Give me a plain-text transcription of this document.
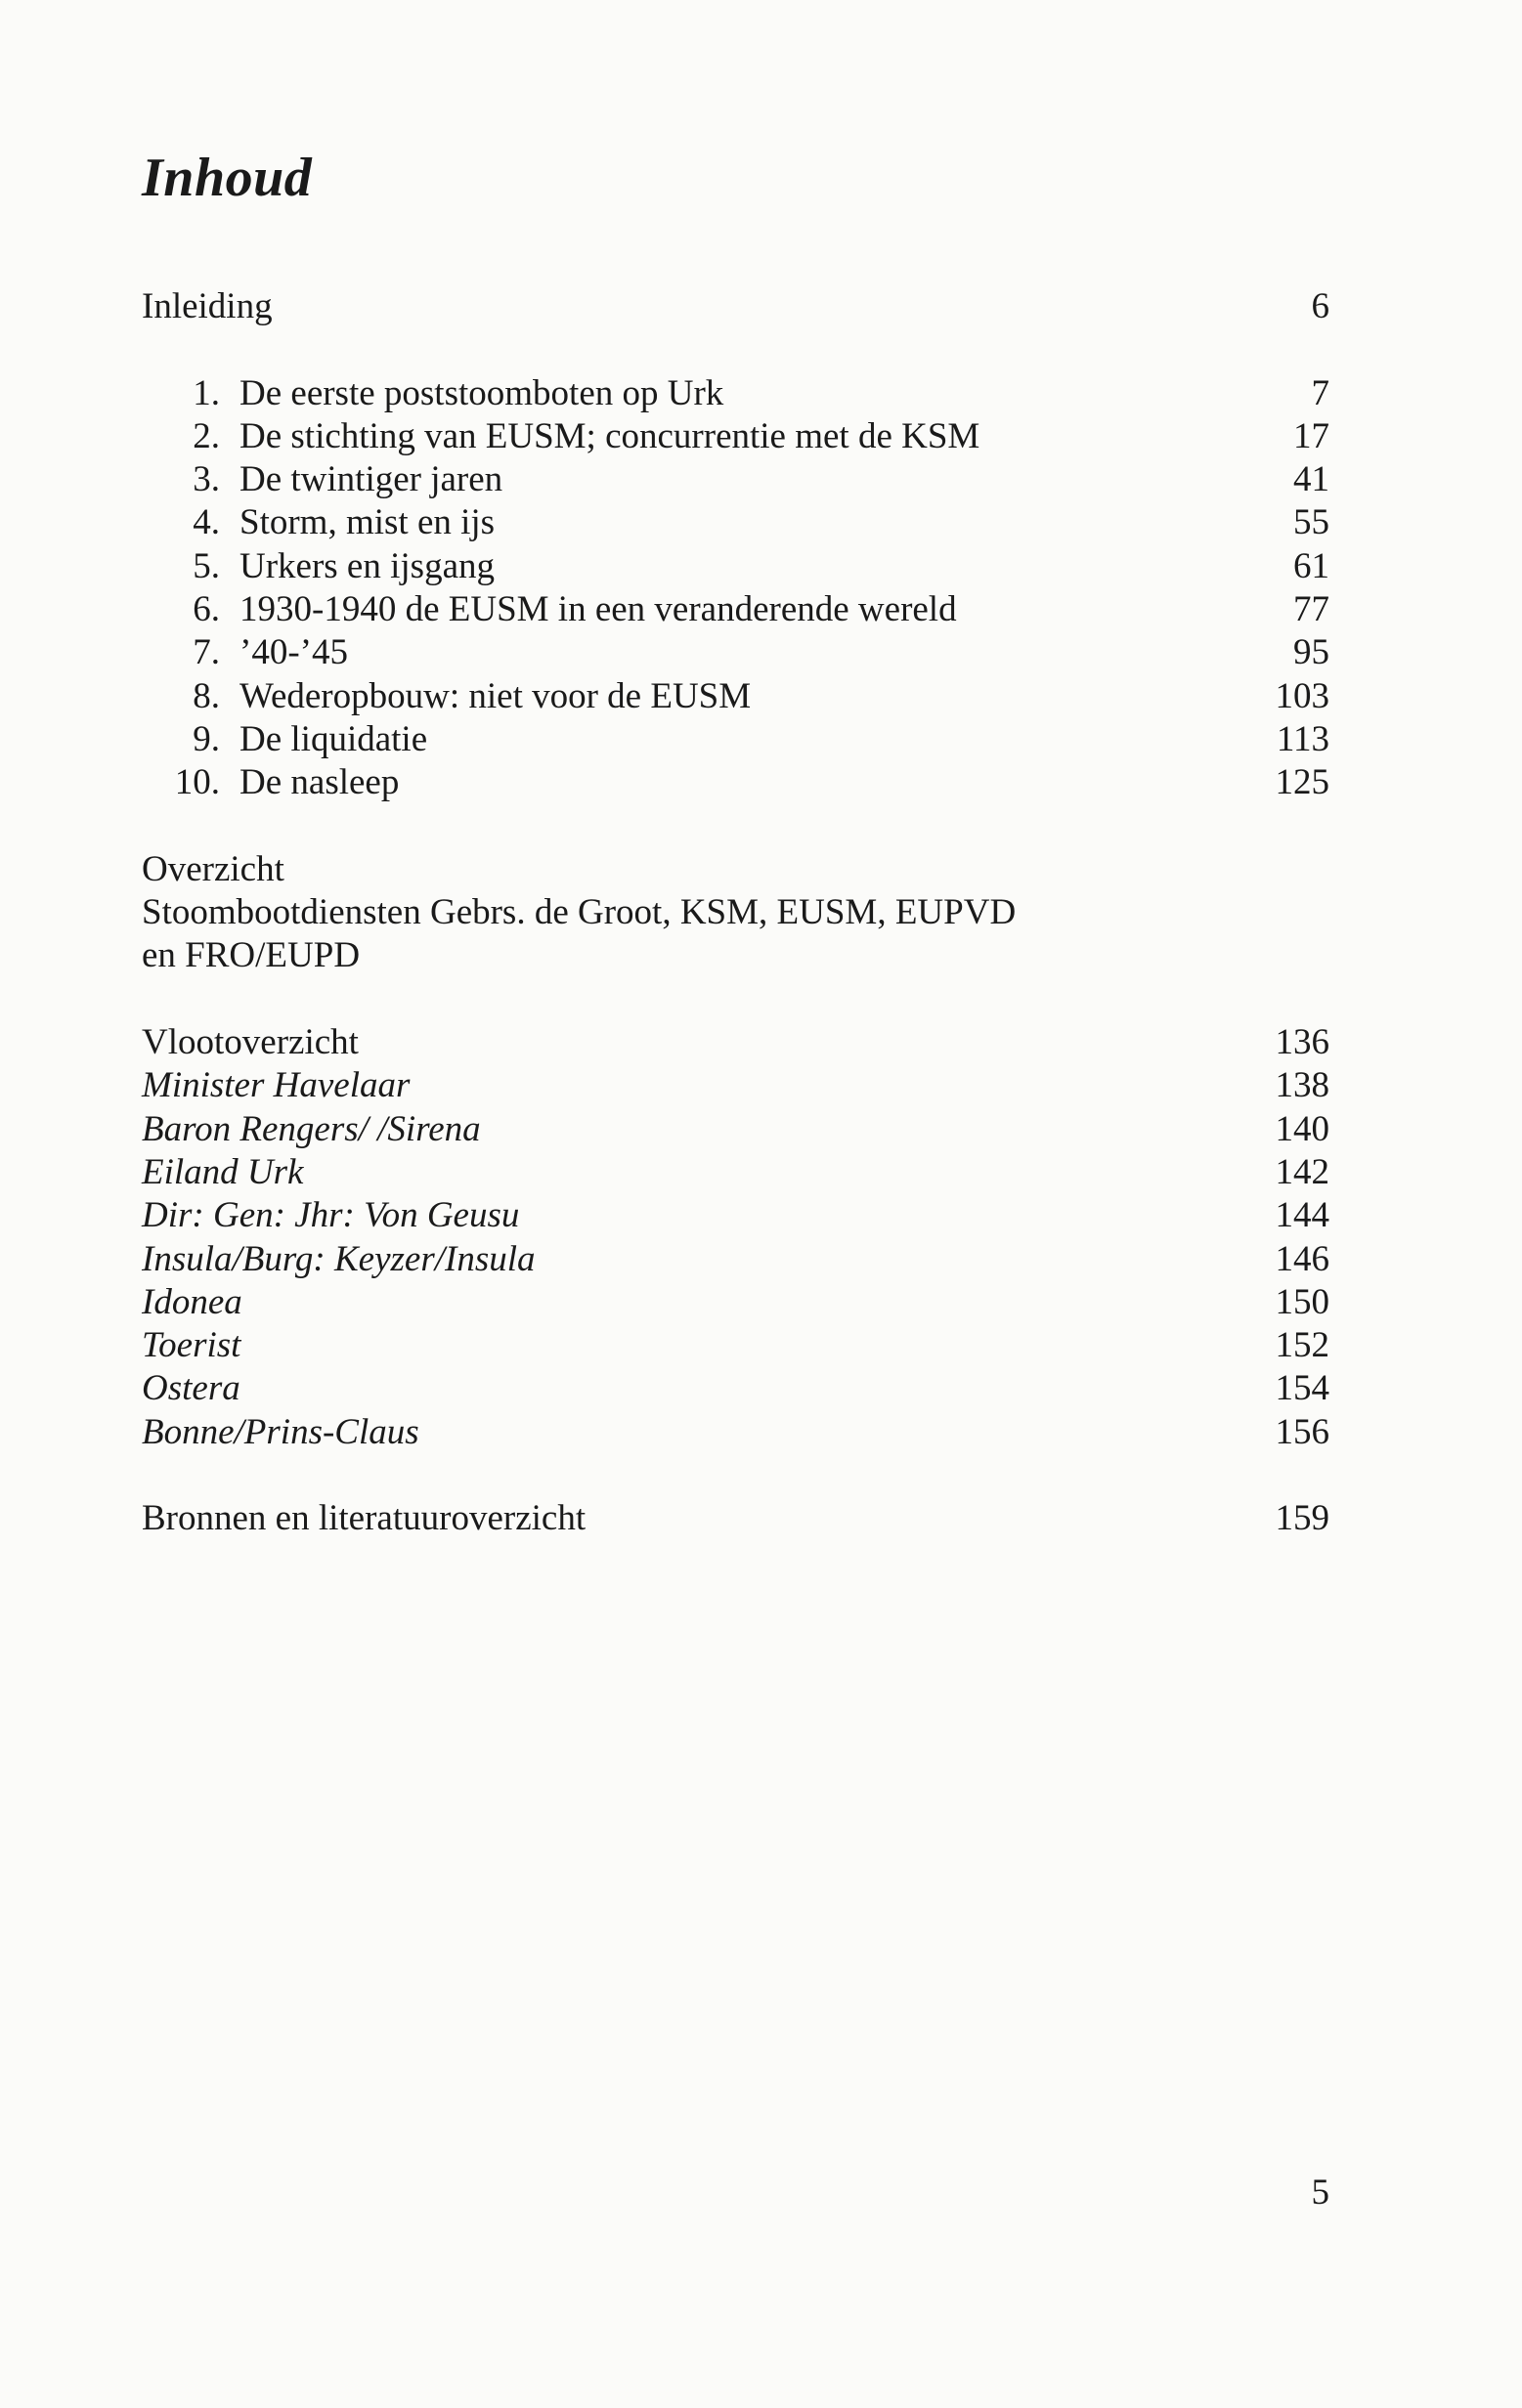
Inhoud
Inleiding	6
1. De eerste poststoomboten op Urk	7
2. De stichting van EUSM; concurrentie met de KSM	17
3. De twintiger jaren	41
4. Storm, mist en ijs	55
5. Urkers en ijsgang	61
6. 1930-1940 de EUSM in een veranderende wereld	77
7. ’40-’45	95
8. Wederopbouw: niet voor de EUSM	103
9. De liquidatie	113
10. De nasleep	125
Overzicht
Stoombootdiensten Gebrs. de Groot, KSM, EUSM, EUPVD
en FRO/EUPD
Vlootoverzicht	136
Minister Havelaar	138
Baron Rengers/ /Sirena	140
Eiland Urk	142
Dir: Gen: Jhr: Von Geusu	144
Insula/Burg: Keyzer/Insula	146
Idonea	150
Toerist	152
Ostera	154
Bonne/Prins-Claus	156
Bronnen en literatuuroverzicht	159
5
